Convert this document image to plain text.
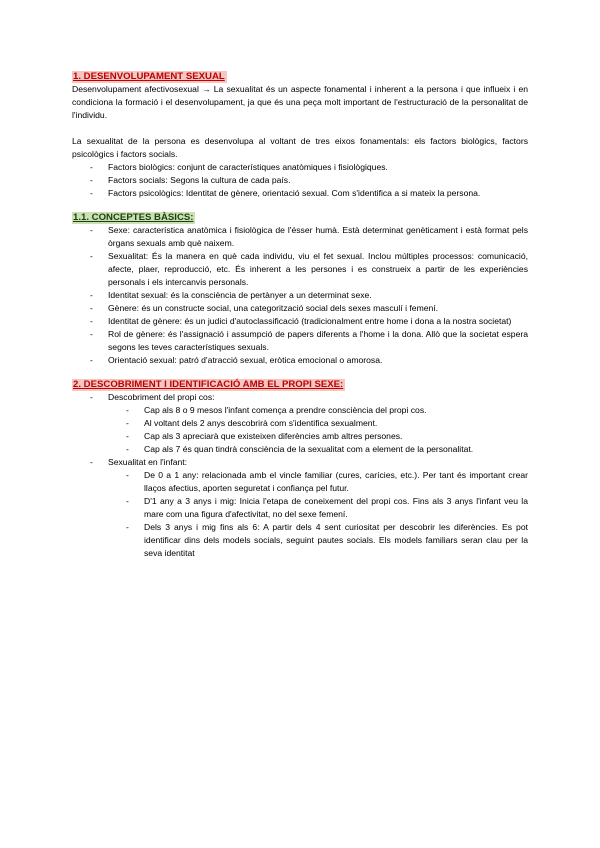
1. DESENVOLUPAMENT SEXUAL

Desenvolupament afectivosexual → La sexualitat és un aspecte fonamental i inherent a la persona i que influeix i en condiciona la formació i el desenvolupament, ja que és una peça molt important de l'estructuració de la personalitat de l'individu.

La sexualitat de la persona es desenvolupa al voltant de tres eixos fonamentals: els factors biològics, factors psicològics i factors socials.

- Factors biològics: conjunt de característiques anatòmiques i fisiològiques.
- Factors socials: Segons la cultura de cada país.
- Factors psicològics: Identitat de gènere, orientació sexual. Com s'identifica a si mateix la persona.
1.1. CONCEPTES BÀSICS:
- Sexe: característica anatòmica i fisiològica de l'ésser humà. Està determinat genèticament i està format pels òrgans sexuals amb què naixem.
- Sexualitat: És la manera en què cada individu, viu el fet sexual. Inclou múltiples processos: comunicació, afecte, plaer, reproducció, etc. És inherent a les persones i es construeix a partir de les experiències personals i els intercanvis personals.
- Identitat sexual: és la consciència de pertànyer a un determinat sexe.
- Gènere: és un constructe social, una categorització social dels sexes masculí i femení.
- Identitat de gènere: és un judici d'autoclassificació (tradicionalment entre home i dona a la nostra societat)
- Rol de gènere: és l'assignació i assumpció de papers diferents a l'home i la dona. Allò que la societat espera segons les teves característiques sexuals.
- Orientació sexual: patró d'atracció sexual, eròtica emocional o amorosa.
2. DESCOBRIMENT I IDENTIFICACIÓ AMB EL PROPI SEXE:
- Descobriment del propi cos:
- Cap als 8 o 9 mesos l'infant comença a prendre consciència del propi cos.
- Al voltant dels 2 anys descobrirà com s'identifica sexualment.
- Cap als 3 apreciarà que existeixen diferències amb altres persones.
- Cap als 7 és quan tindrà consciència de la sexualitat com a element de la personalitat.
- Sexualitat en l'infant:
- De 0 a 1 any: relacionada amb el vincle familiar (cures, carícies, etc.). Per tant és important crear llaços afectius, aporten seguretat i confiança pel futur.
- D'1 any a 3 anys i mig: Inicia l'etapa de coneixement del propi cos. Fins als 3 anys l'infant veu la mare com una figura d'afectivitat, no del sexe femení.
- Dels 3 anys i mig fins als 6: A partir dels 4 sent curiositat per descobrir les diferències. Es pot identificar dins dels models socials, seguint pautes socials. Els models familiars seran clau per la seva identitat
